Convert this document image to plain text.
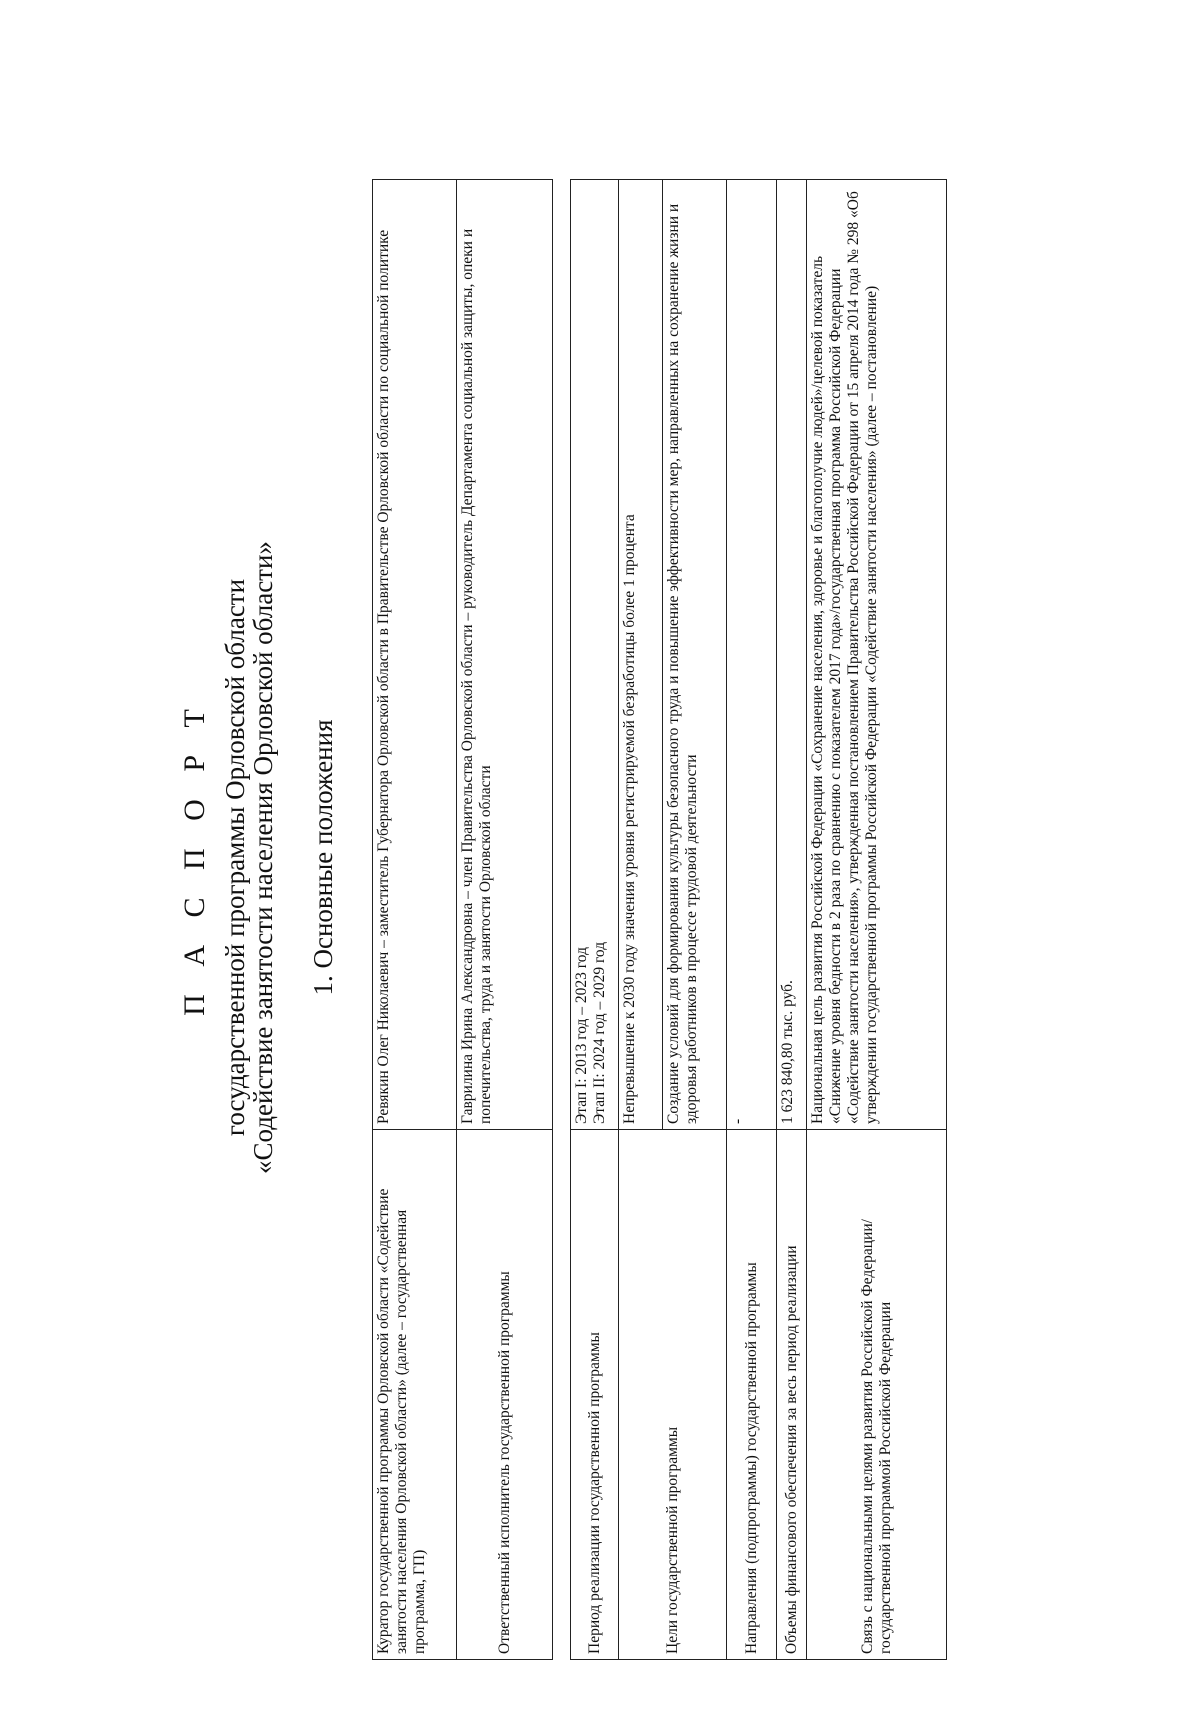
П А С П О Р Т государственной программы Орловской области
«Содействие занятости населения Орловской области» 1. Основные положения
Куратор государственной программы Орловской области «Содействие занятости населения Орловской области» (далее – государственная программа, ГП)	Ревякин Олег Николаевич – заместитель Губернатора Орловской области в Правительстве Орловской области по социальной политике
Ответственный исполнитель государственной программы	Гаврилина Ирина Александровна – член Правительства Орловской области – руководитель Департамента социальной защиты, опеки и попечительства, труда и занятости Орловской области
Период реализации государственной программы	Этап I: 2013 год – 2023 год Этап II: 2024 год – 2029 год

Цели государственной программы	Непревышение к 2030 году значения уровня регистрируемой безработицы более 1 процента
	Создание условий для формирования культуры безопасного труда и повышение эффективности мер, направленных на сохранение жизни и здоровья работников в процессе трудовой деятельности
Направления (подпрограммы) государственной программы	-
Объемы финансового обеспечения за весь период реализации	1 623 840,80 тыс. руб.
Связь с национальными целями развития Российской Федерации/государственной программой Российской Федерации	Национальная цель развития Российской Федерации «Сохранение населения, здоровье и благополучие людей»/целевой показатель «Снижение уровня бедности в 2 раза по сравнению с показателем 2017 года»/государственная программа Российской Федерации «Содействие занятости населения», утвержденная постановлением Правительства Российской Федерации от 15 апреля 2014 года № 298 «Об утверждении государственной программы Российской Федерации «Содействие занятости населения» (далее – постановление)
